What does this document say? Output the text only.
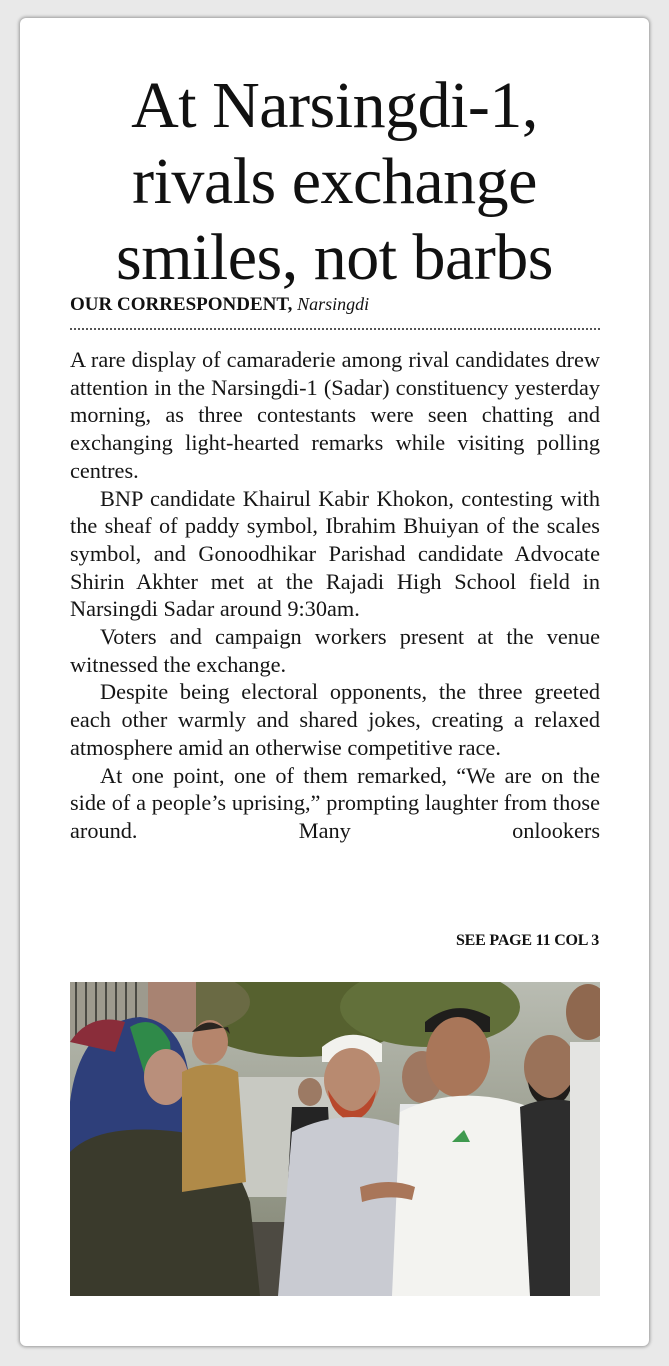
At Narsingdi-1,
rivals exchange
smiles, not barbs
OUR CORRESPONDENT, Narsingdi

A rare display of camaraderie among rival candidates drew attention in the Narsingdi-1 (Sadar) constituency yesterday morning, as three contestants were seen chatting and exchanging light-hearted remarks while visiting polling centres.

BNP candidate Khairul Kabir Khokon, contesting with the sheaf of paddy symbol, Ibrahim Bhuiyan of the scales symbol, and Gonoodhikar Parishad candidate Advocate Shirin Akhter met at the Rajadi High School field in Narsingdi Sadar around 9:30am.

Voters and campaign workers present at the venue witnessed the exchange.

Despite being electoral opponents, the three greeted each other warmly and shared jokes, creating a relaxed atmosphere amid an otherwise competitive race.

At one point, one of them remarked, “We are on the side of a people’s uprising,” prompting laughter from those around. Many onlookers

SEE PAGE 11 COL 3
